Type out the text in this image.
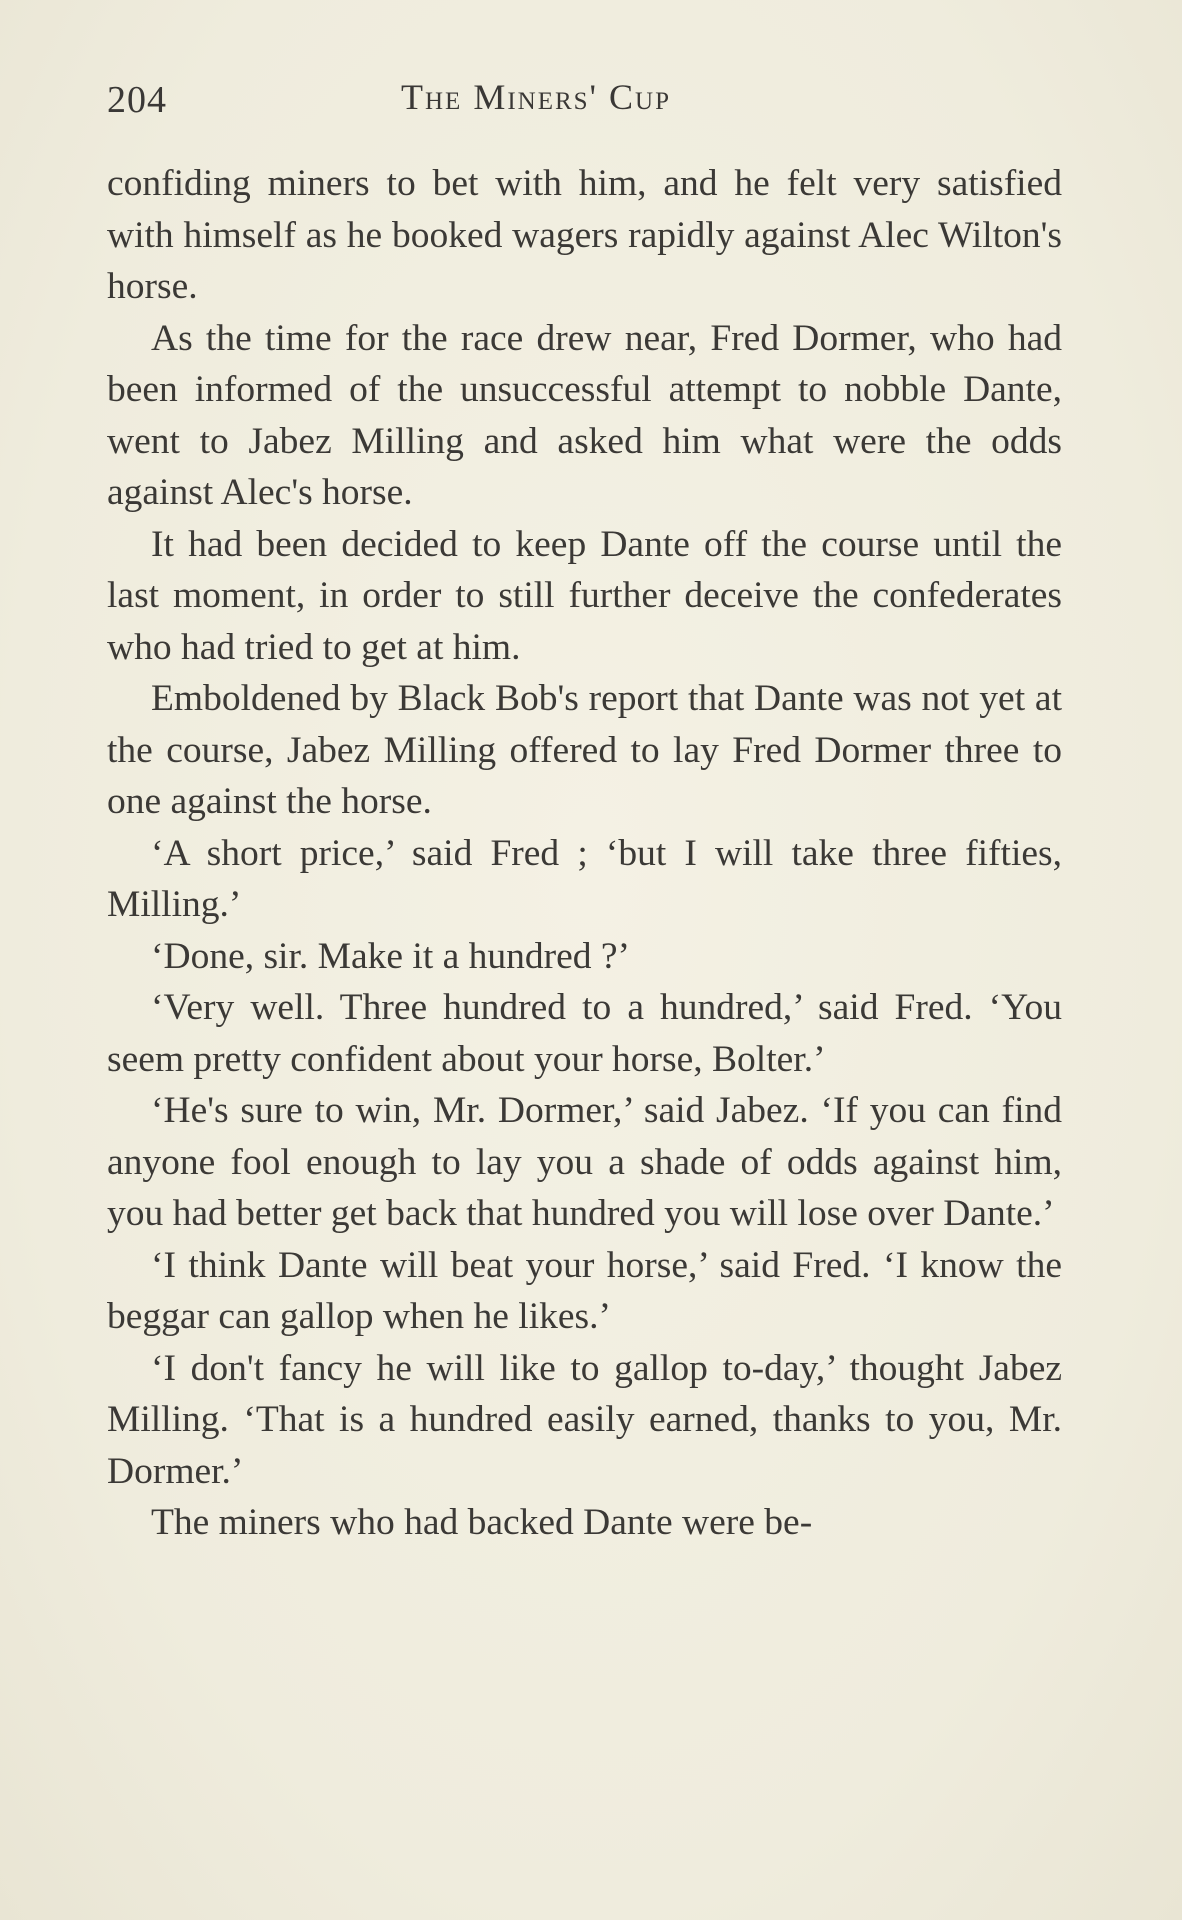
204	The Miners' Cup

confiding miners to bet with him, and he felt very satisfied with himself as he booked wagers rapidly against Alec Wilton's horse.

As the time for the race drew near, Fred Dormer, who had been informed of the unsuccessful attempt to nobble Dante, went to Jabez Milling and asked him what were the odds against Alec's horse.

It had been decided to keep Dante off the course until the last moment, in order to still further deceive the confederates who had tried to get at him.

Emboldened by Black Bob's report that Dante was not yet at the course, Jabez Milling offered to lay Fred Dormer three to one against the horse.

‘A short price,’ said Fred ; ‘but I will take three fifties, Milling.’

‘Done, sir. Make it a hundred ?’

‘Very well. Three hundred to a hundred,’ said Fred. ‘You seem pretty confident about your horse, Bolter.’

‘He's sure to win, Mr. Dormer,’ said Jabez. ‘If you can find anyone fool enough to lay you a shade of odds against him, you had better get back that hundred you will lose over Dante.’

‘I think Dante will beat your horse,’ said Fred. ‘I know the beggar can gallop when he likes.’

‘I don't fancy he will like to gallop to-day,’ thought Jabez Milling. ‘That is a hundred easily earned, thanks to you, Mr. Dormer.’

The miners who had backed Dante were be-
